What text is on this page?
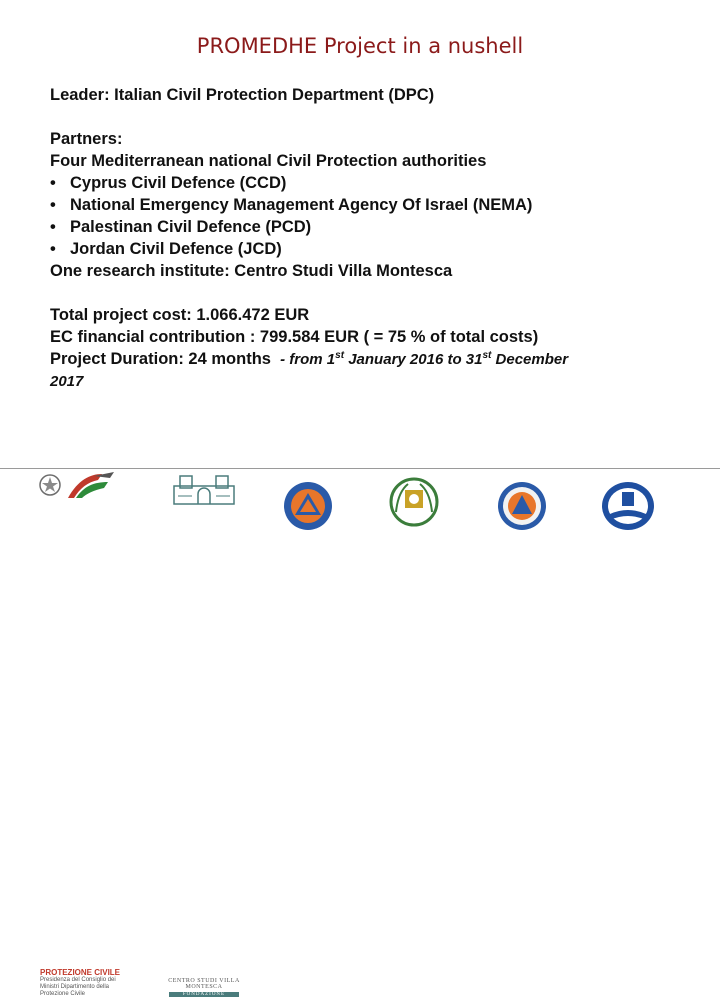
PROMEDHE Project in a nushell
Leader: Italian Civil Protection Department (DPC)
Partners:
Four Mediterranean national Civil Protection authorities
• Cyprus Civil Defence (CCD)
• National Emergency Management Agency Of Israel (NEMA)
• Palestinan Civil Defence (PCD)
• Jordan Civil Defence (JCD)
One research institute: Centro Studi Villa Montesca
Total project cost: 1.066.472 EUR
EC financial contribution : 799.584 EUR ( = 75 % of total costs)
Project Duration: 24 months - from 1st January 2016 to 31st December
2017
PROTEZIONE CIVILE
Presidenza del Consiglio dei Ministri Dipartimento della Protezione Civile
CENTRO STUDI VILLA MONTESCA
FONDAZIONE
